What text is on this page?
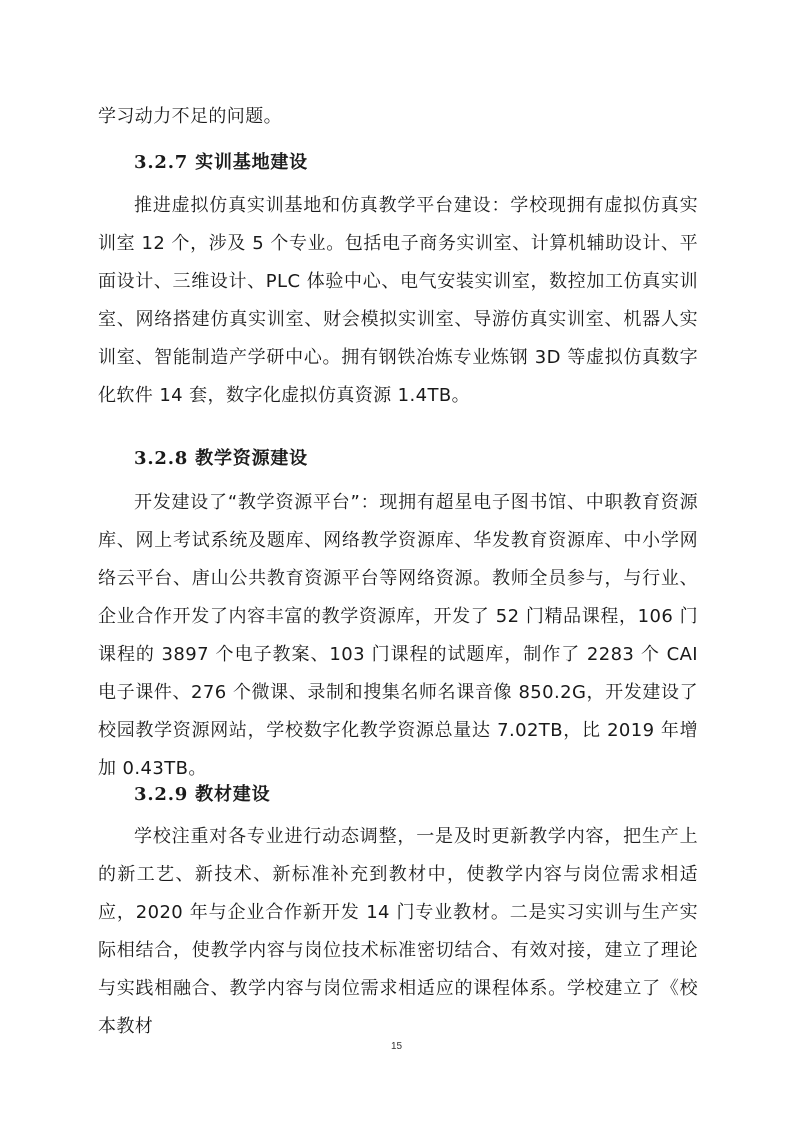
学习动力不足的问题。

3.2.7 实训基地建设

推进虚拟仿真实训基地和仿真教学平台建设：学校现拥有虚拟仿真实训室 12 个，涉及 5 个专业。包括电子商务实训室、计算机辅助设计、平面设计、三维设计、PLC 体验中心、电气安装实训室，数控加工仿真实训室、网络搭建仿真实训室、财会模拟实训室、导游仿真实训室、机器人实训室、智能制造产学研中心。拥有钢铁冶炼专业炼钢 3D 等虚拟仿真数字化软件 14 套，数字化虚拟仿真资源 1.4TB。

3.2.8 教学资源建设

开发建设了“教学资源平台”：现拥有超星电子图书馆、中职教育资源库、网上考试系统及题库、网络教学资源库、华发教育资源库、中小学网络云平台、唐山公共教育资源平台等网络资源。教师全员参与，与行业、企业合作开发了内容丰富的教学资源库，开发了 52 门精品课程，106 门课程的 3897 个电子教案、103 门课程的试题库，制作了 2283 个 CAI 电子课件、276 个微课、录制和搜集名师名课音像 850.2G，开发建设了校园教学资源网站，学校数字化教学资源总量达 7.02TB，比 2019 年增加 0.43TB。

3.2.9 教材建设

学校注重对各专业进行动态调整，一是及时更新教学内容，把生产上的新工艺、新技术、新标准补充到教材中，使教学内容与岗位需求相适应，2020 年与企业合作新开发 14 门专业教材。二是实习实训与生产实际相结合，使教学内容与岗位技术标准密切结合、有效对接，建立了理论与实践相融合、教学内容与岗位需求相适应的课程体系。学校建立了《校本教材

15
